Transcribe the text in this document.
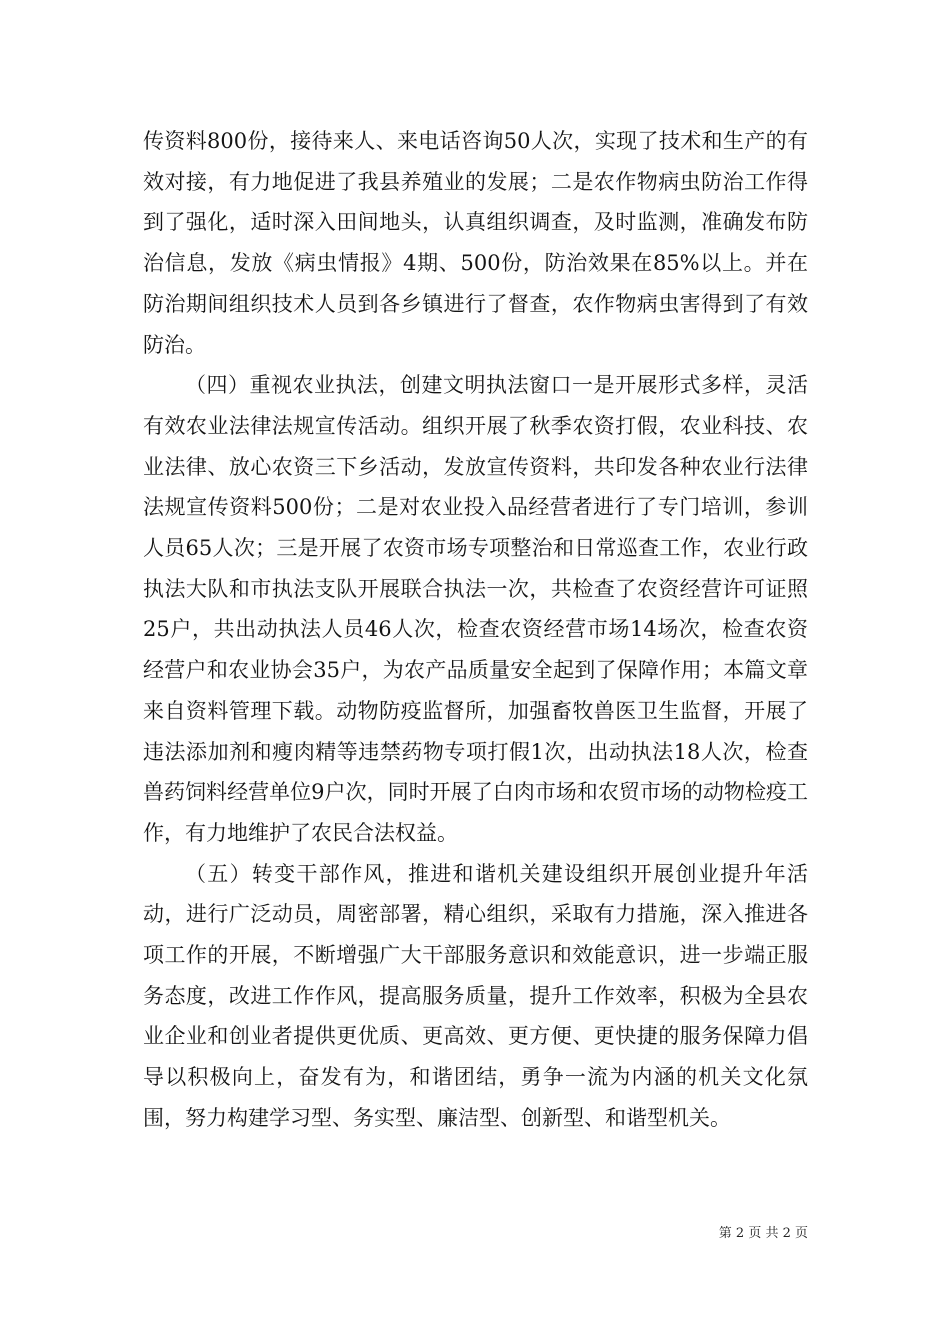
传资料800份，接待来人、来电话咨询50人次，实现了技术和生产的有效对接，有力地促进了我县养殖业的发展；二是农作物病虫防治工作得到了强化，适时深入田间地头，认真组织调查，及时监测，准确发布防治信息，发放《病虫情报》4期、500份，防治效果在85%以上。并在防治期间组织技术人员到各乡镇进行了督查，农作物病虫害得到了有效防治。

（四）重视农业执法，创建文明执法窗口一是开展形式多样，灵活有效农业法律法规宣传活动。组织开展了秋季农资打假，农业科技、农业法律、放心农资三下乡活动，发放宣传资料，共印发各种农业行法律法规宣传资料500份；二是对农业投入品经营者进行了专门培训，参训人员65人次；三是开展了农资市场专项整治和日常巡查工作，农业行政执法大队和市执法支队开展联合执法一次，共检查了农资经营许可证照25户，共出动执法人员46人次，检查农资经营市场14场次，检查农资经营户和农业协会35户，为农产品质量安全起到了保障作用；本篇文章来自资料管理下载。动物防疫监督所，加强畜牧兽医卫生监督，开展了违法添加剂和瘦肉精等违禁药物专项打假1次，出动执法18人次，检查兽药饲料经营单位9户次，同时开展了白肉市场和农贸市场的动物检疫工作，有力地维护了农民合法权益。

（五）转变干部作风，推进和谐机关建设组织开展创业提升年活动，进行广泛动员，周密部署，精心组织，采取有力措施，深入推进各项工作的开展，不断增强广大干部服务意识和效能意识，进一步端正服务态度，改进工作作风，提高服务质量，提升工作效率，积极为全县农业企业和创业者提供更优质、更高效、更方便、更快捷的服务保障力倡导以积极向上，奋发有为，和谐团结，勇争一流为内涵的机关文化氛围，努力构建学习型、务实型、廉洁型、创新型、和谐型机关。

第 2 页 共 2 页
